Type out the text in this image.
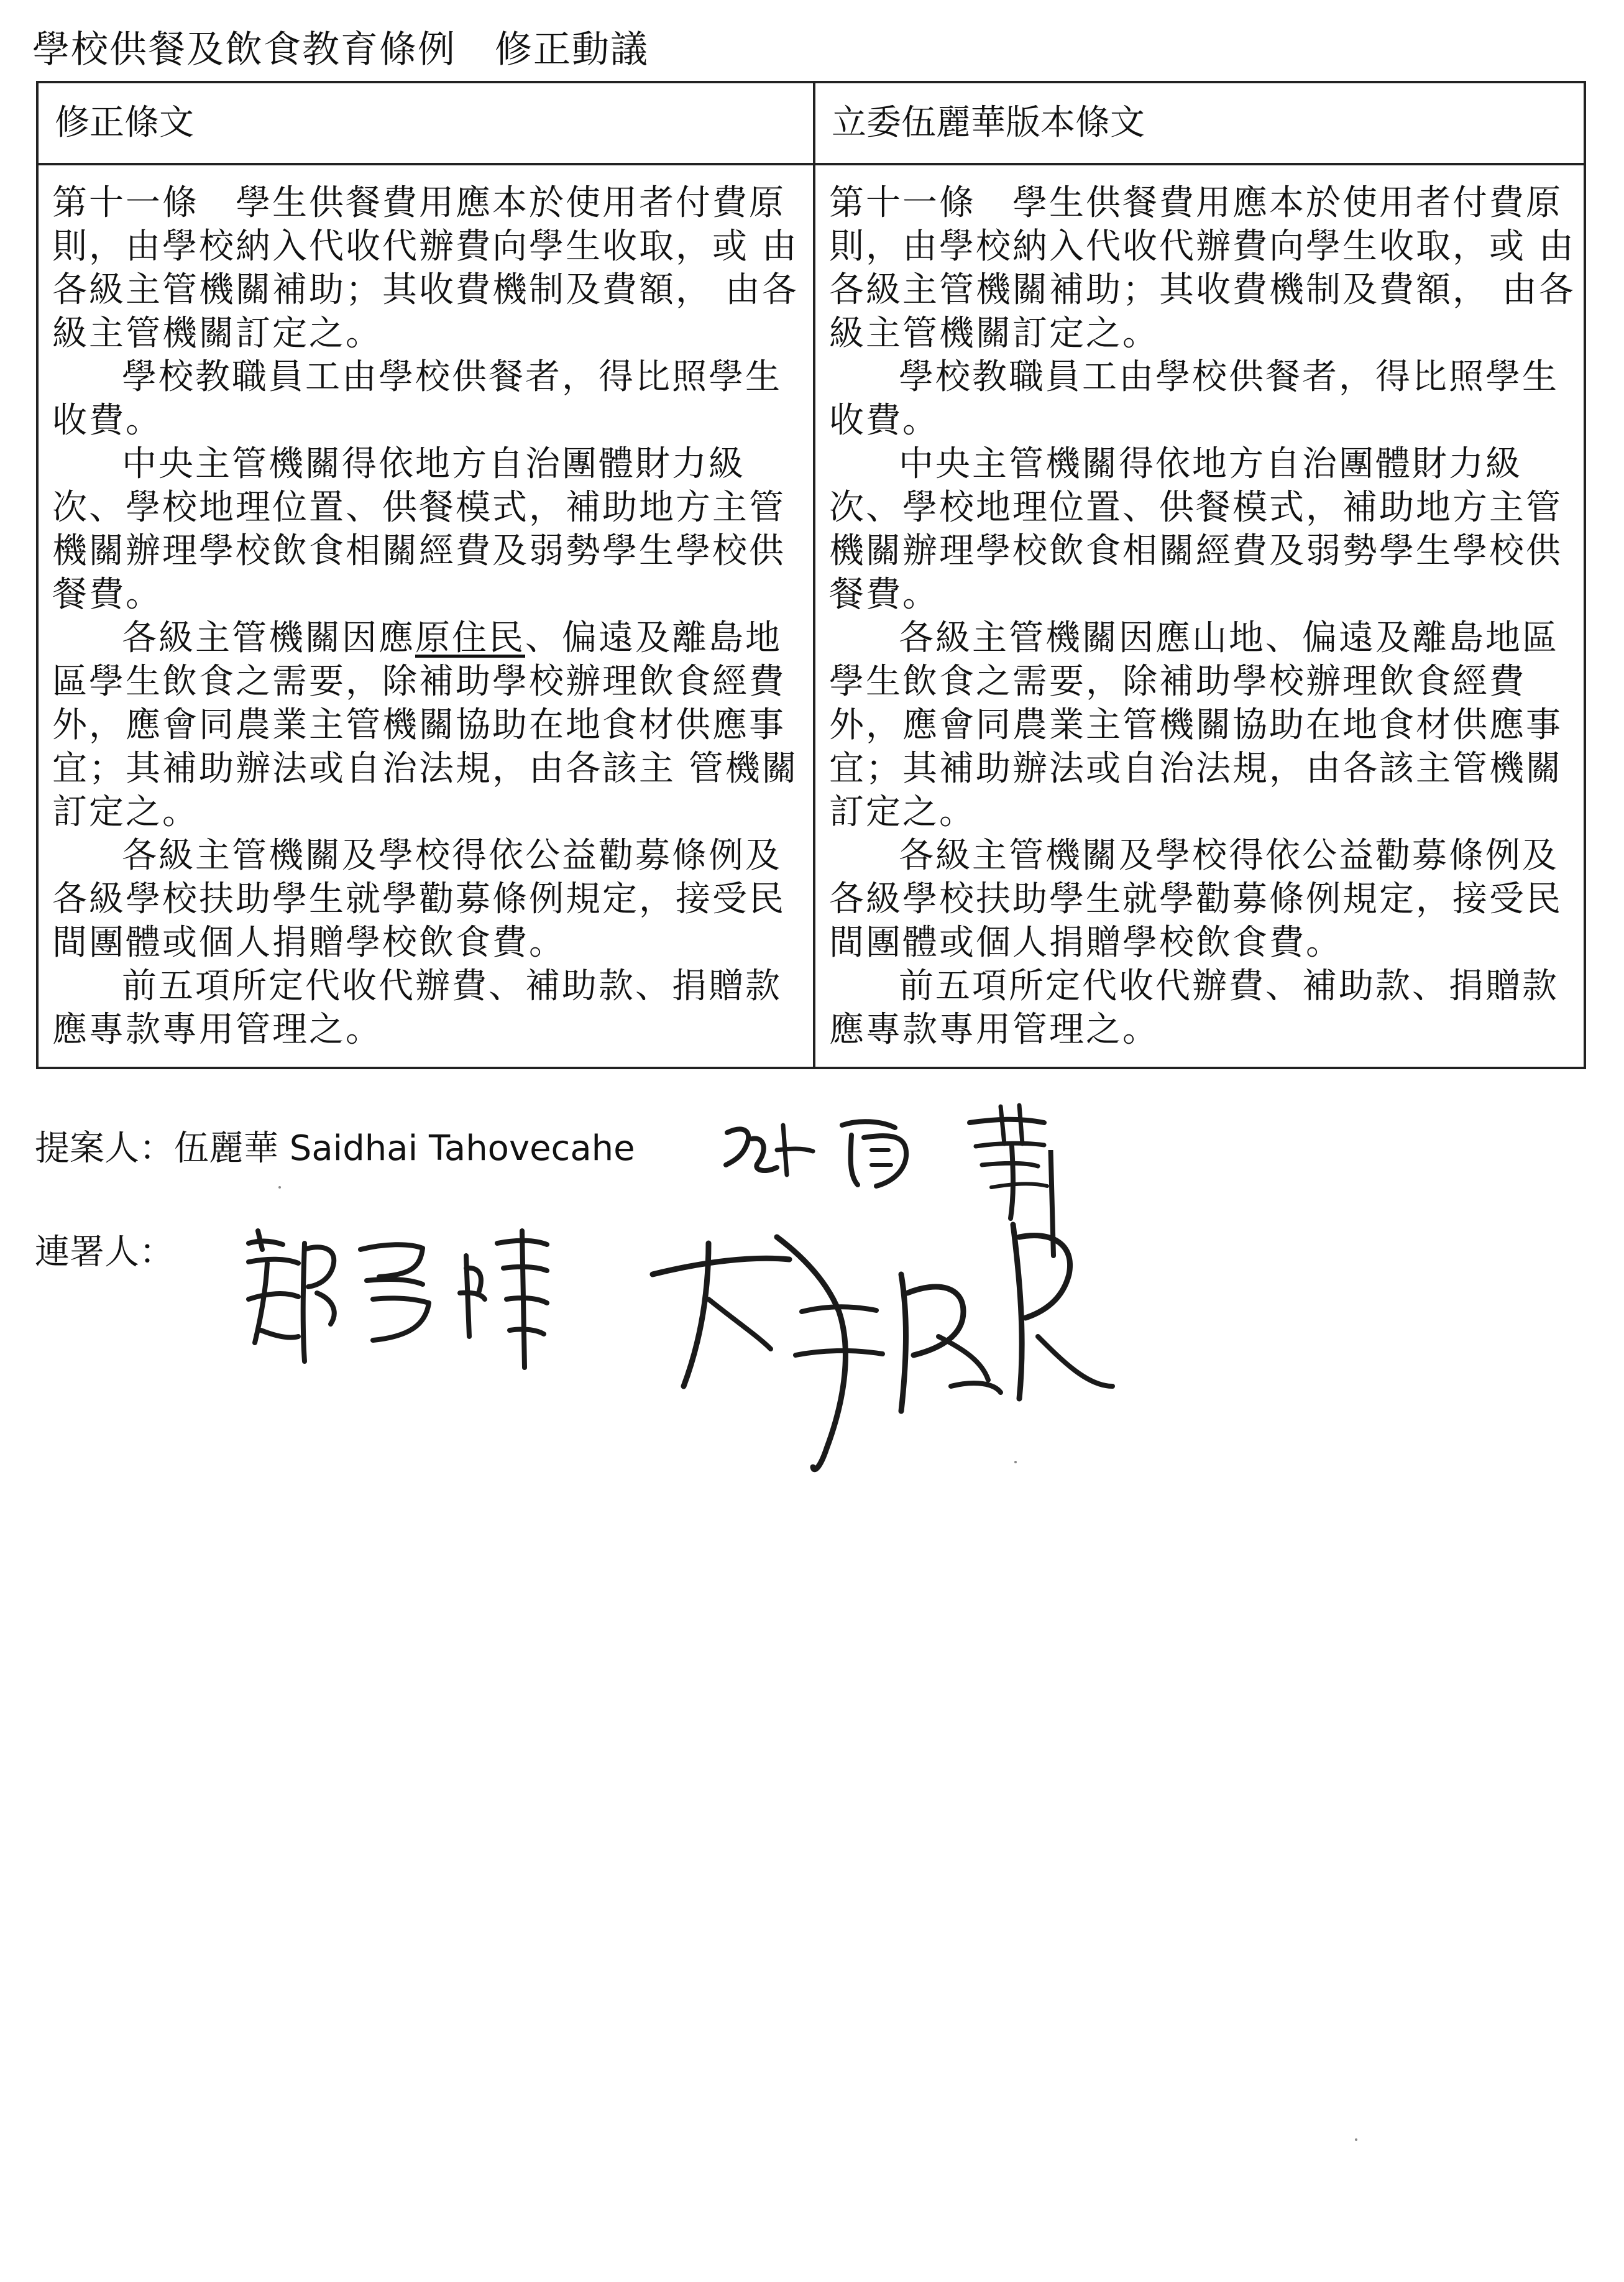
學校供餐及飲食教育條例　修正動議
修正條文	立委伍麗華版本條文

第十一條　學生供餐費用應本於使用者付費原 則，由學校納入代收代辦費向學生收取，或 由各級主管機關補助；其收費機制及費額， 由各級主管機關訂定之。

學校教職員工由學校供餐者，得比照學生收費。

中央主管機關得依地方自治團體財力級次、學校地理位置、供餐模式，補助地方主管機關辦理學校飲食相關經費及弱勢學生學校供餐費。

各級主管機關因應原住民、偏遠及離島地區學生飲食之需要，除補助學校辦理飲食經費外，應會同農業主管機關協助在地食材供應事宜；其補助辦法或自治法規，由各該主 管機關訂定之。

各級主管機關及學校得依公益勸募條例及各級學校扶助學生就學勸募條例規定，接受民間團體或個人捐贈學校飲食費。

前五項所定代收代辦費、補助款、捐贈款應專款專用管理之。

第十一條　學生供餐費用應本於使用者付費原 則，由學校納入代收代辦費向學生收取，或 由各級主管機關補助；其收費機制及費額， 由各級主管機關訂定之。

學校教職員工由學校供餐者，得比照學生收費。

中央主管機關得依地方自治團體財力級次、學校地理位置、供餐模式，補助地方主管機關辦理學校飲食相關經費及弱勢學生學校供餐費。

各級主管機關因應山地、偏遠及離島地區學生飲食之需要，除補助學校辦理飲食經費外，應會同農業主管機關協助在地食材供應事宜；其補助辦法或自治法規，由各該主管機關訂定之。

各級主管機關及學校得依公益勸募條例及各級學校扶助學生就學勸募條例規定，接受民間團體或個人捐贈學校飲食費。

前五項所定代收代辦費、補助款、捐贈款應專款專用管理之。

提案人：伍麗華 Saidhai Tahovecahe
連署人：
